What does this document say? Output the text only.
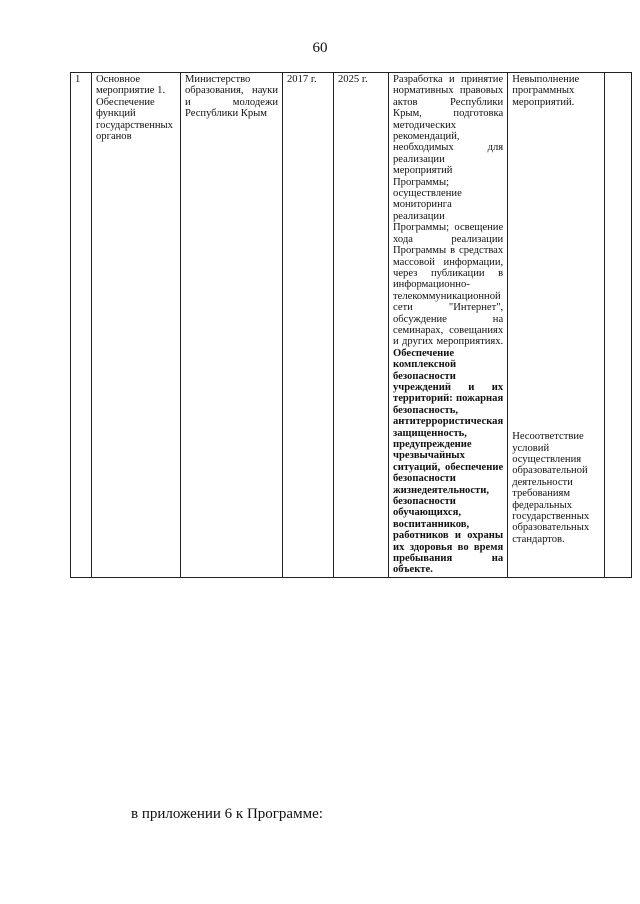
60
1	Основное мероприятие 1. Обеспечение функций государственных органов	Министерство образования, науки и молодежи Республики Крым	2017 г.	2025 г.	Разработка и принятие нормативных правовых актов Республики Крым, подготовка методических рекомендаций, необходимых для реализации мероприятий Программы; осуществление мониторинга реализации Программы; освещение хода реализации Программы в средствах массовой информации, через публикации в информационно-телекоммуникационной сети "Интернет", обсуждение на семинарах, совещаниях и других мероприятиях. Обеспечение комплексной безопасности учреждений и их территорий: пожарная безопасность, антитеррористическая защищенность, предупреждение чрезвычайных ситуаций, обеспечение безопасности жизнедеятельности, безопасности обучающихся, воспитанников, работников и охраны их здоровья во время пребывания на объекте.	Невыполнение программных мероприятий.
Несоответствие условий осуществления образовательной деятельности требованиям федеральных государственных образовательных стандартов.

в приложении 6 к Программе:
